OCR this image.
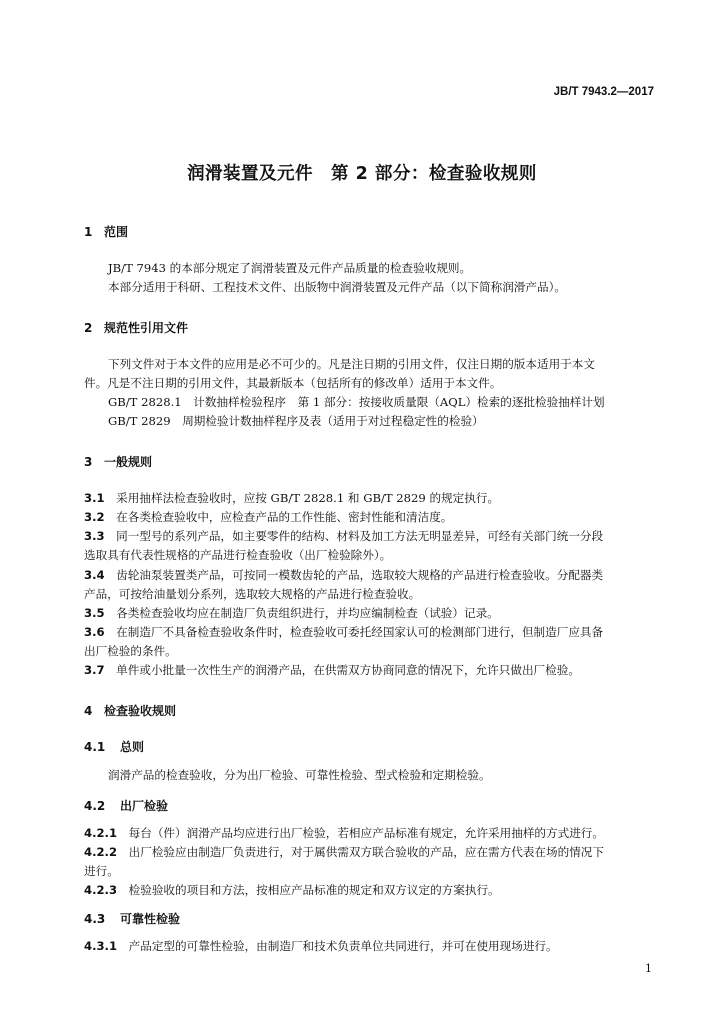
JB/T 7943.2—2017
润滑装置及元件　第 2 部分：检查验收规则
1 范围
JB/T 7943 的本部分规定了润滑装置及元件产品质量的检查验收规则。
本部分适用于科研、工程技术文件、出版物中润滑装置及元件产品（以下简称润滑产品）。
2 规范性引用文件
下列文件对于本文件的应用是必不可少的。凡是注日期的引用文件，仅注日期的版本适用于本文
件。凡是不注日期的引用文件，其最新版本（包括所有的修改单）适用于本文件。
GB/T 2828.1　计数抽样检验程序　第 1 部分：按接收质量限（AQL）检索的逐批检验抽样计划
GB/T 2829　周期检验计数抽样程序及表（适用于对过程稳定性的检验）
3 一般规则
3.1　 采用抽样法检查验收时，应按 GB/T 2828.1 和 GB/T 2829 的规定执行。
3.2　 在各类检查验收中，应检查产品的工作性能、密封性能和清洁度。
3.3　 同一型号的系列产品，如主要零件的结构、材料及加工方法无明显差异，可经有关部门统一分段
选取具有代表性规格的产品进行检查验收（出厂检验除外）。
3.4　 齿轮油泵装置类产品，可按同一模数齿轮的产品，选取较大规格的产品进行检查验收。分配器类
产品，可按给油量划分系列，选取较大规格的产品进行检查验收。
3.5　 各类检查验收均应在制造厂负责组织进行，并均应编制检查（试验）记录。
3.6　 在制造厂不具备检查验收条件时，检查验收可委托经国家认可的检测部门进行，但制造厂应具备
出厂检验的条件。
3.7　 单件或小批量一次性生产的润滑产品，在供需双方协商同意的情况下，允许只做出厂检验。
4 检查验收规则
4.1　 总则
润滑产品的检查验收，分为出厂检验、可靠性检验、型式检验和定期检验。
4.2　 出厂检验
4.2.1　 每台（件）润滑产品均应进行出厂检验，若相应产品标准有规定，允许采用抽样的方式进行。
4.2.2　 出厂检验应由制造厂负责进行，对于属供需双方联合验收的产品，应在需方代表在场的情况下
进行。
4.2.3　 检验验收的项目和方法，按相应产品标准的规定和双方议定的方案执行。
4.3　 可靠性检验
4.3.1　 产品定型的可靠性检验，由制造厂和技术负责单位共同进行，并可在使用现场进行。
1
